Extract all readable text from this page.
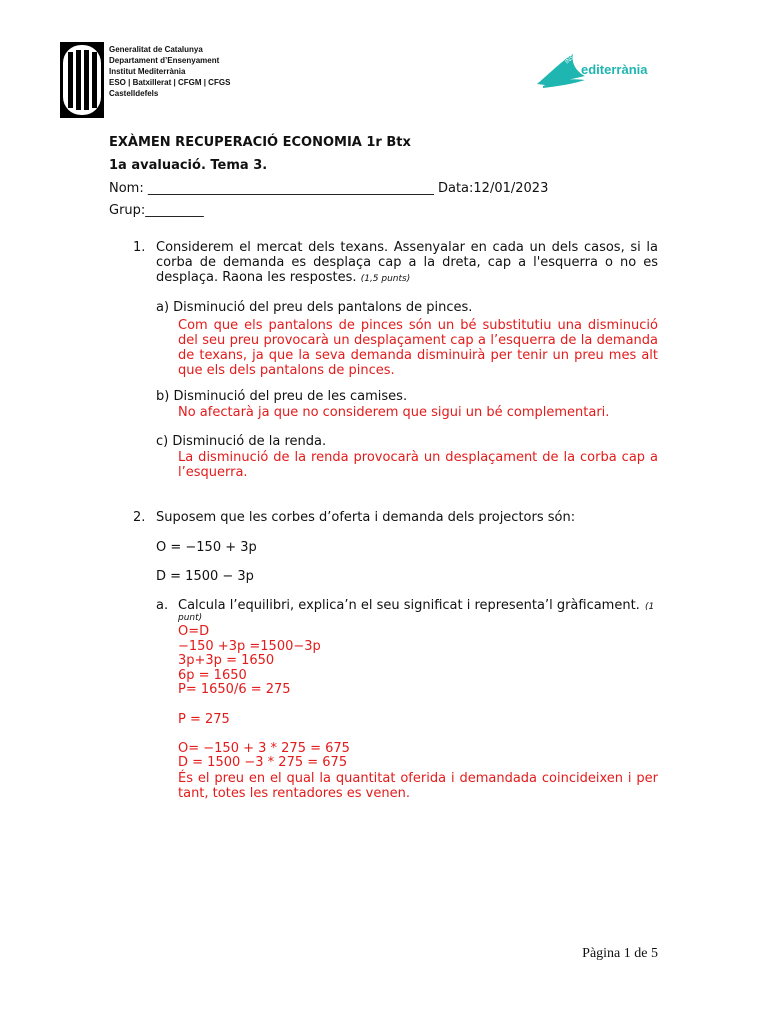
Generalitat de Catalunya
Departament d’Ensenyament
Institut Mediterrània
ESO | Batxillerat | CFGM | CFGS
Castelldefels
INS
editerrània
EXÀMEN RECUPERACIÓ ECONOMIA 1r Btx
1a avaluació. Tema 3.
Nom: ____________________________________________ Data:12/01/2023
Grup:_________
1. Considerem el mercat dels texans. Assenyalar en cada un dels casos, si la corba de demanda es desplaça cap a la dreta, cap a l'esquerra o no es desplaça. Raona les respostes. (1,5 punts)
a) Disminució del preu dels pantalons de pinces.
Com que els pantalons de pinces són un bé substitutiu una disminució del seu preu provocarà un desplaçament cap a l’esquerra de la demanda de texans, ja que la seva demanda disminuirà per tenir un preu mes alt que els dels pantalons de pinces.
b) Disminució del preu de les camises.
No afectarà ja que no considerem que sigui un bé complementari.
c) Disminució de la renda.
La disminució de la renda provocarà un desplaçament de la corba cap a l’esquerra.
2. Suposem que les corbes d’oferta i demanda dels projectors són:
O = −150 + 3p
D = 1500 − 3p
a. Calcula l’equilibri, explica’n el seu significat i representa’l gràficament. (1
punt)
O=D
−150 +3p =1500−3p
3p+3p = 1650
6p = 1650
P= 1650/6 = 275
P = 275
O= −150 + 3 * 275 = 675
D = 1500 −3 * 275 = 675
És el preu en el qual la quantitat oferida i demandada coincideixen i per tant, totes les rentadores es venen.
Pàgina 1 de 5
